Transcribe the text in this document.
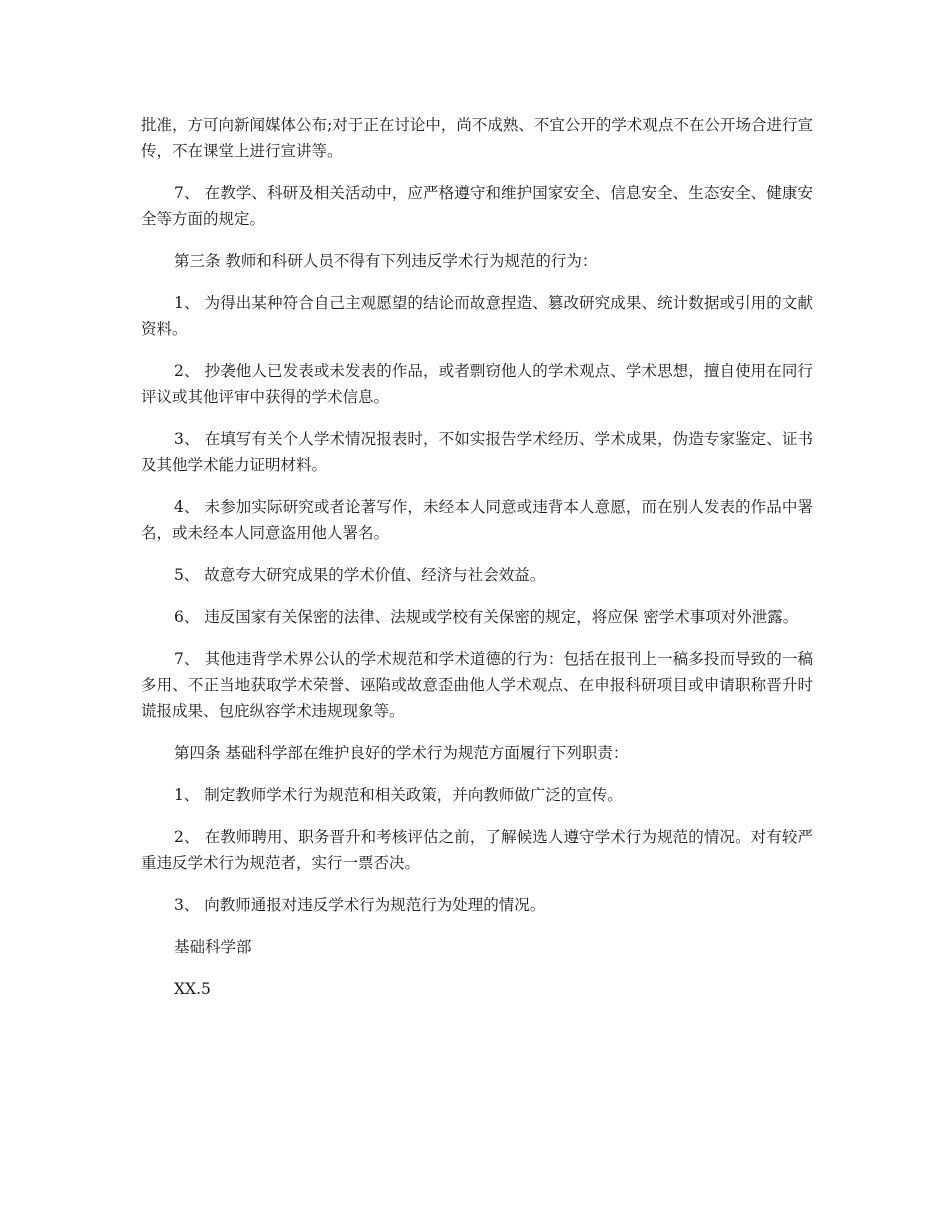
批准，方可向新闻媒体公布;对于正在讨论中，尚不成熟、不宜公开的学术观点不在公开场合进行宣传，不在课堂上进行宣讲等。

7、 在教学、科研及相关活动中，应严格遵守和维护国家安全、信息安全、生态安全、健康安全等方面的规定。

第三条 教师和科研人员不得有下列违反学术行为规范的行为：

1、 为得出某种符合自己主观愿望的结论而故意捏造、篡改研究成果、统计数据或引用的文献资料。

2、 抄袭他人已发表或未发表的作品，或者剽窃他人的学术观点、学术思想，擅自使用在同行评议或其他评审中获得的学术信息。

3、 在填写有关个人学术情况报表时，不如实报告学术经历、学术成果，伪造专家鉴定、证书及其他学术能力证明材料。

4、 未参加实际研究或者论著写作，未经本人同意或违背本人意愿，而在别人发表的作品中署名，或未经本人同意盗用他人署名。

5、 故意夸大研究成果的学术价值、经济与社会效益。

6、 违反国家有关保密的法律、法规或学校有关保密的规定，将应保 密学术事项对外泄露。

7、 其他违背学术界公认的学术规范和学术道德的行为：包括在报刊上一稿多投而导致的一稿多用、不正当地获取学术荣誉、诬陷或故意歪曲他人学术观点、在申报科研项目或申请职称晋升时谎报成果、包庇纵容学术违规现象等。

第四条 基础科学部在维护良好的学术行为规范方面履行下列职责：

1、 制定教师学术行为规范和相关政策，并向教师做广泛的宣传。

2、 在教师聘用、职务晋升和考核评估之前，了解候选人遵守学术行为规范的情况。对有较严重违反学术行为规范者，实行一票否决。

3、 向教师通报对违反学术行为规范行为处理的情况。

基础科学部

XX.5
